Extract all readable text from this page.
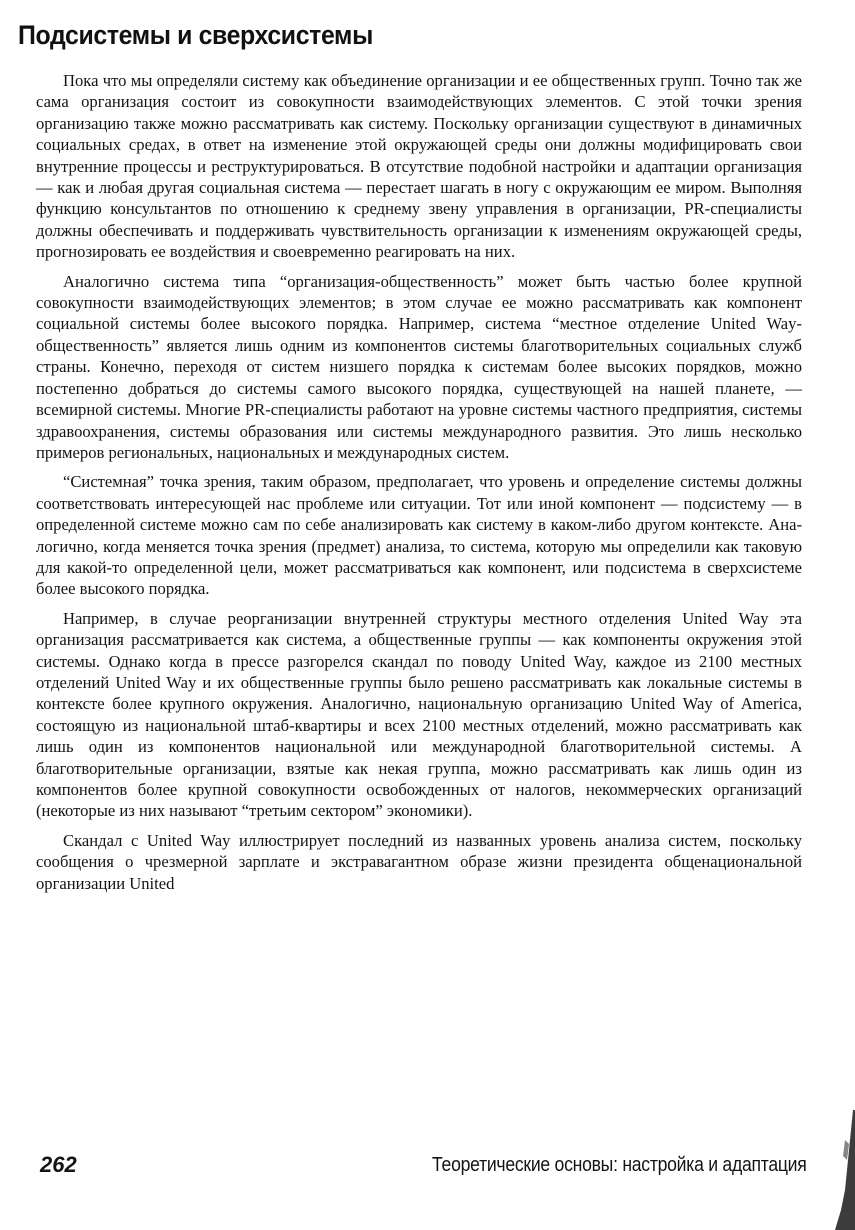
Подсистемы и сверхсистемы

Пока что мы определяли систему как объединение организации и ее общественных групп. Точно так же сама организация состоит из совокупности взаимодействующих элементов. С этой точки зрения организацию также можно рассматривать как систему. Поскольку организации существуют в динамичных социальных средах, в ответ на изменение этой окружающей среды они должны модифицировать свои внутренние процессы и реструктурироваться. В отсутствие подобной настройки и адаптации организация — как и любая другая социальная система — перестает шагать в ногу с окружающим ее миром. Выполняя функцию консультантов по отношению к среднему звену управления в организации, PR-специалисты должны обеспечивать и поддерживать чувствительность организации к изменениям окружающей среды, прогнозировать ее воздействия и своевременно реагировать на них.

Аналогично система типа “организация-общественность” может быть частью более крупной совокупности взаимодействующих элементов; в этом случае ее можно рассматривать как компонент социальной системы более высокого порядка. Например, система “местное отделение United Way-общественность” является лишь одним из компонентов системы благотворительных социальных служб страны. Конечно, переходя от систем низшего порядка к системам более высоких порядков, можно постепенно добраться до системы самого высокого порядка, существующей на нашей планете, — всемирной системы. Многие PR-специалисты работают на уровне системы частного предприятия, системы здравоохранения, системы образования или системы международного развития. Это лишь несколько примеров региональных, национальных и международных систем.

“Системная” точка зрения, таким образом, предполагает, что уровень и определение системы должны соответствовать интересующей нас проблеме или ситуации. Тот или иной компонент — подсистему — в определенной системе можно сам по себе анализировать как систему в каком-либо другом контексте. Аналогично, когда меняется точка зрения (предмет) анализа, то система, которую мы определили как таковую для какой-то определенной цели, может рассматриваться как компонент, или подсистема в сверхсистеме более высокого порядка.

Например, в случае реорганизации внутренней структуры местного отделения United Way эта организация рассматривается как система, а общественные группы — как компоненты окружения этой системы. Однако когда в прессе разгорелся скандал по поводу United Way, каждое из 2100 местных отделений United Way и их общественные группы было решено рассматривать как локальные системы в контексте более крупного окружения. Аналогично, национальную организацию United Way of America, состоящую из национальной штаб-квартиры и всех 2100 местных отделений, можно рассматривать как лишь один из компонентов национальной или международной благотворительной системы. А благотворительные организации, взятые как некая группа, можно рассматривать как лишь один из компонентов более крупной совокупности освобожденных от налогов, некоммерческих организаций (некоторые из них называют “третьим сектором” экономики).

Скандал с United Way иллюстрирует последний из названных уровень анализа систем, поскольку сообщения о чрезмерной зарплате и экстравагантном образе жизни президента общенациональной организации United

262	Теоретические основы: настройка и адаптация
